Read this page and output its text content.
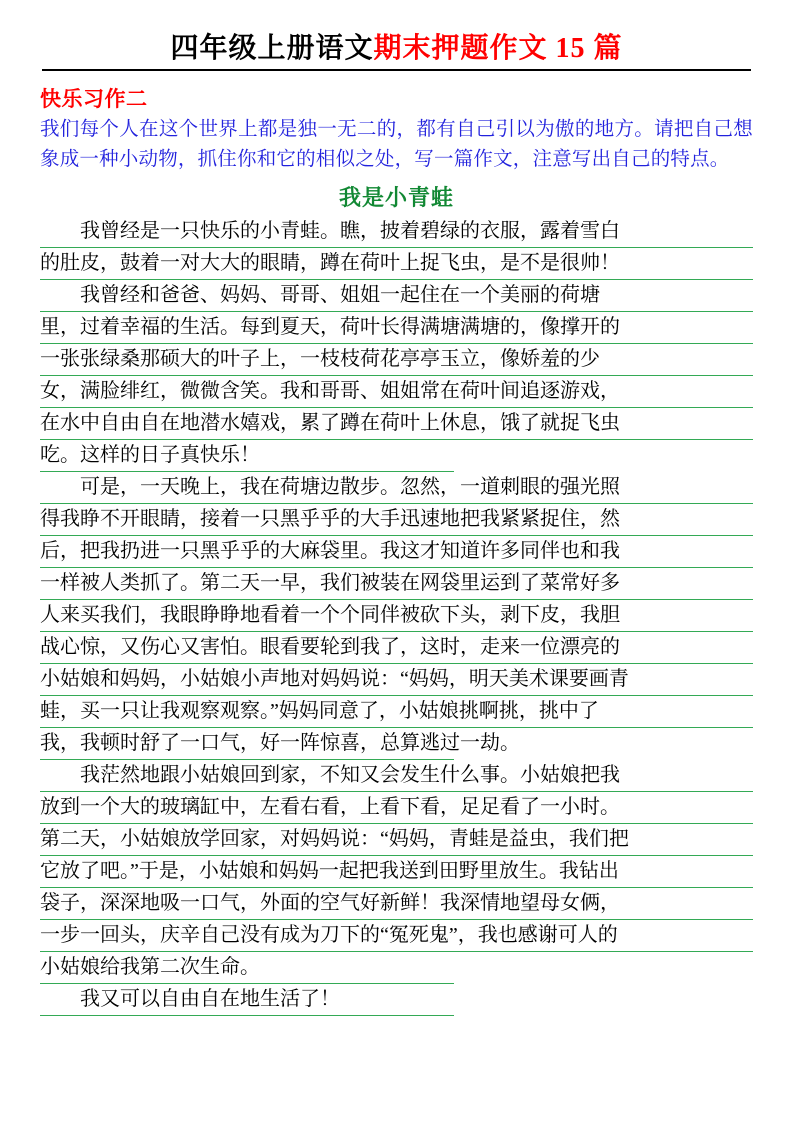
四年级上册语文 期末押题作文 15 篇
快乐习作二
我们每个人在这个世界上都是独一无二的，都有自己引以为傲的地方。请把自己想象成一种小动物，抓住你和它的相似之处，写一篇作文，注意写出自己的特点。
我是小青蛙
我曾经是一只快乐的小青蛙。瞧，披着碧绿的衣服，露着雪白
的肚皮，鼓着一对大大的眼睛，蹲在荷叶上捉飞虫，是不是很帅！
我曾经和爸爸、妈妈、哥哥、姐姐一起住在一个美丽的荷塘
里，过着幸福的生活。每到夏天，荷叶长得满塘满塘的，像撑开的
一张张绿桑那硕大的叶子上，一枝枝荷花亭亭玉立，像娇羞的少
女，满脸绯红，微微含笑。我和哥哥、姐姐常在荷叶间追逐游戏，
在水中自由自在地潜水嬉戏，累了蹲在荷叶上休息，饿了就捉飞虫
吃。这样的日子真快乐！
可是，一天晚上，我在荷塘边散步。忽然，一道刺眼的强光照
得我睁不开眼睛，接着一只黑乎乎的大手迅速地把我紧紧捉住，然
后，把我扔进一只黑乎乎的大麻袋里。我这才知道许多同伴也和我
一样被人类抓了。第二天一早，我们被装在网袋里运到了菜常好多
人来买我们，我眼睁睁地看着一个个同伴被砍下头，剥下皮，我胆
战心惊，又伤心又害怕。眼看要轮到我了，这时，走来一位漂亮的
小姑娘和妈妈，小姑娘小声地对妈妈说：“妈妈，明天美术课要画青
蛙，买一只让我观察观察。”妈妈同意了，小姑娘挑啊挑，挑中了
我，我顿时舒了一口气，好一阵惊喜，总算逃过一劫。
我茫然地跟小姑娘回到家，不知又会发生什么事。小姑娘把我
放到一个大的玻璃缸中，左看右看，上看下看，足足看了一小时。
第二天，小姑娘放学回家，对妈妈说：“妈妈，青蛙是益虫，我们把
它放了吧。”于是，小姑娘和妈妈一起把我送到田野里放生。我钻出
袋子，深深地吸一口气，外面的空气好新鲜！我深情地望母女俩，
一步一回头，庆辛自己没有成为刀下的“冤死鬼”，我也感谢可人的
小姑娘给我第二次生命。
我又可以自由自在地生活了！
